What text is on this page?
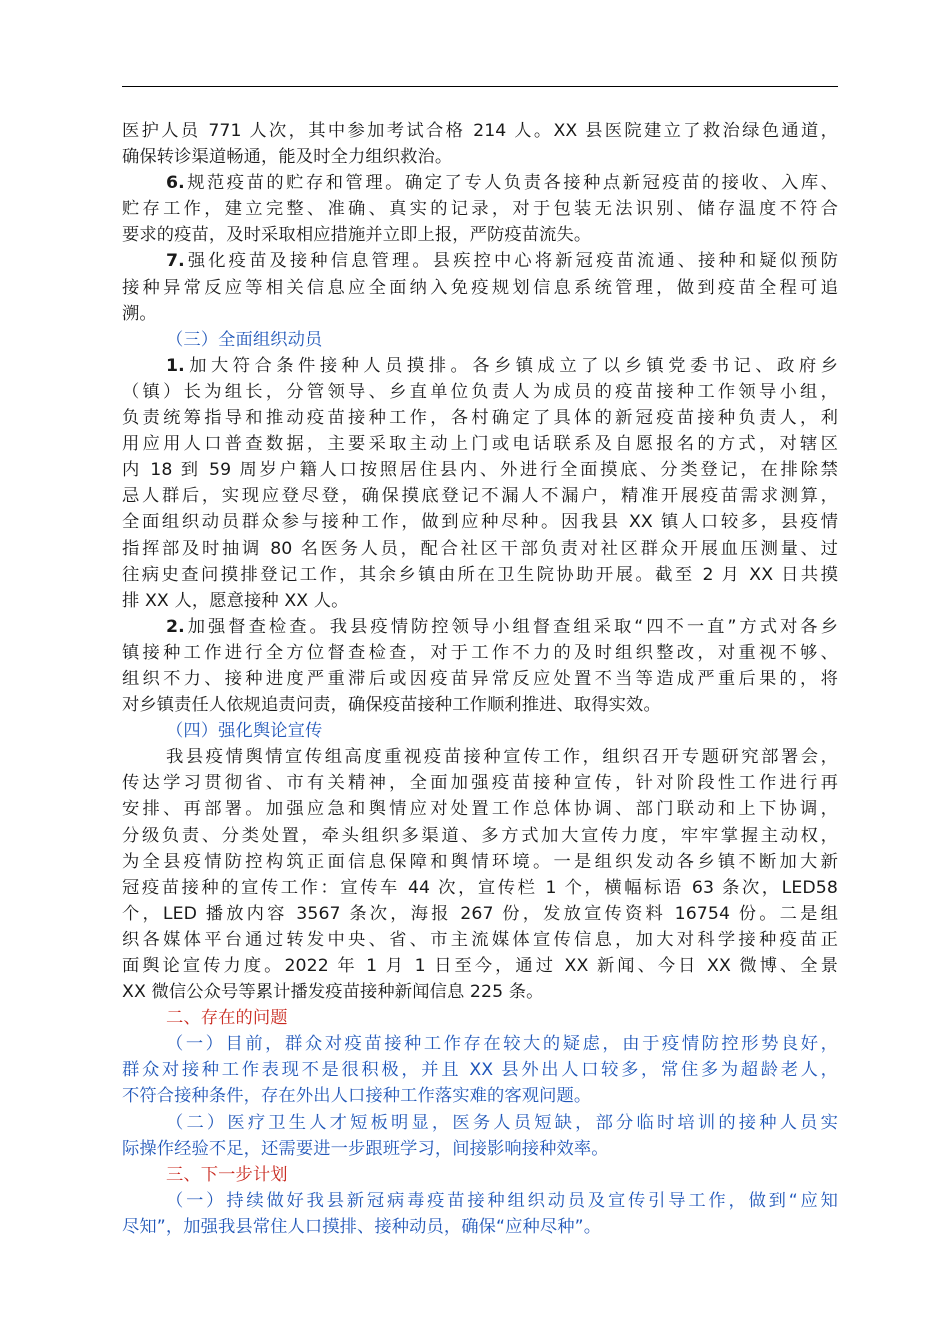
医护人员 771 人次，其中参加考试合格 214 人。XX 县医院建立了救治绿色通道，
确保转诊渠道畅通，能及时全力组织救治。
6.规范疫苗的贮存和管理。确定了专人负责各接种点新冠疫苗的接收、入库、
贮存工作，建立完整、准确、真实的记录，对于包装无法识别、储存温度不符合
要求的疫苗，及时采取相应措施并立即上报，严防疫苗流失。
7.强化疫苗及接种信息管理。县疾控中心将新冠疫苗流通、接种和疑似预防
接种异常反应等相关信息应全面纳入免疫规划信息系统管理，做到疫苗全程可追
溯。
（三）全面组织动员
1.加大符合条件接种人员摸排。各乡镇成立了以乡镇党委书记、政府乡
（镇）长为组长，分管领导、乡直单位负责人为成员的疫苗接种工作领导小组，
负责统筹指导和推动疫苗接种工作，各村确定了具体的新冠疫苗接种负责人，利
用应用人口普查数据，主要采取主动上门或电话联系及自愿报名的方式，对辖区
内 18 到 59 周岁户籍人口按照居住县内、外进行全面摸底、分类登记，在排除禁
忌人群后，实现应登尽登，确保摸底登记不漏人不漏户，精准开展疫苗需求测算，
全面组织动员群众参与接种工作，做到应种尽种。因我县 XX 镇人口较多，县疫情
指挥部及时抽调 80 名医务人员，配合社区干部负责对社区群众开展血压测量、过
往病史查问摸排登记工作，其余乡镇由所在卫生院协助开展。截至 2 月 XX 日共摸
排 XX 人，愿意接种 XX 人。
2.加强督查检查。我县疫情防控领导小组督查组采取“四不一直”方式对各乡
镇接种工作进行全方位督查检查，对于工作不力的及时组织整改，对重视不够、
组织不力、接种进度严重滞后或因疫苗异常反应处置不当等造成严重后果的，将
对乡镇责任人依规追责问责，确保疫苗接种工作顺利推进、取得实效。
（四）强化舆论宣传
我县疫情舆情宣传组高度重视疫苗接种宣传工作，组织召开专题研究部署会，
传达学习贯彻省、市有关精神，全面加强疫苗接种宣传，针对阶段性工作进行再
安排、再部署。加强应急和舆情应对处置工作总体协调、部门联动和上下协调，
分级负责、分类处置，牵头组织多渠道、多方式加大宣传力度，牢牢掌握主动权，
为全县疫情防控构筑正面信息保障和舆情环境。一是组织发动各乡镇不断加大新
冠疫苗接种的宣传工作：宣传车 44 次，宣传栏 1 个，横幅标语 63 条次，LED58
个，LED 播放内容 3567 条次，海报 267 份，发放宣传资料 16754 份。二是组
织各媒体平台通过转发中央、省、市主流媒体宣传信息，加大对科学接种疫苗正
面舆论宣传力度。2022 年 1 月 1 日至今，通过 XX 新闻、今日 XX 微博、全景
XX 微信公众号等累计播发疫苗接种新闻信息 225 条。
二、存在的问题
（一）目前，群众对疫苗接种工作存在较大的疑虑，由于疫情防控形势良好，
群众对接种工作表现不是很积极，并且 XX 县外出人口较多，常住多为超龄老人，
不符合接种条件，存在外出人口接种工作落实难的客观问题。
（二）医疗卫生人才短板明显，医务人员短缺，部分临时培训的接种人员实
际操作经验不足，还需要进一步跟班学习，间接影响接种效率。
三、下一步计划
（一）持续做好我县新冠病毒疫苗接种组织动员及宣传引导工作，做到“应知
尽知”，加强我县常住人口摸排、接种动员，确保“应种尽种”。
